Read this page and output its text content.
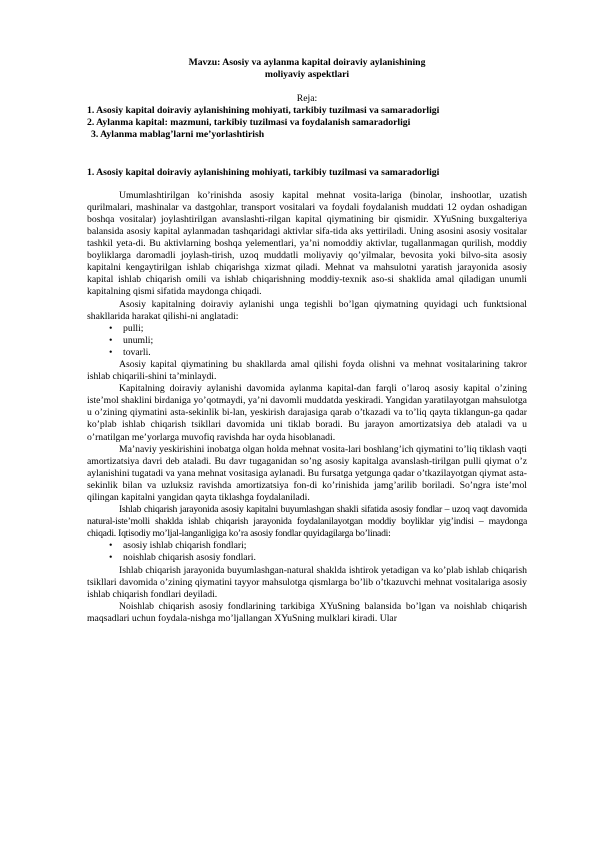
Mavzu: Asosiy va aylanma kapital doiraviy aylanishining
moliyaviy aspektlari
Reja:
1. Asosiy kapital doiraviy aylanishining mohiyati, tarkibiy tuzilmasi va samaradorligi
2. Aylanma kapital: mazmuni, tarkibiy tuzilmasi va foydalanish samaradorligi
3. Aylanma mablag’larni me’yorlashtirish
1. Asosiy kapital doiraviy aylanishining mohiyati, tarkibiy tuzilmasi va samaradorligi

Umumlashtirilgan ko’rinishda asosiy kapital mehnat vosita-lariga (binolar, inshootlar, uzatish qurilmalari, mashinalar va dastgohlar, transport vositalari va foydali foydalanish muddati 12 oydan oshadigan boshqa vositalar) joylashtirilgan avanslashti-rilgan kapital qiymatining bir qismidir. XYuSning buxgalteriya balansida asosiy kapital aylanmadan tashqaridagi aktivlar sifa-tida aks yettiriladi. Uning asosini asosiy vositalar tashkil yeta-di. Bu aktivlarning boshqa yelementlari, ya’ni nomoddiy aktivlar, tugallanmagan qurilish, moddiy boyliklarga daromadli joylash-tirish, uzoq muddatli moliyaviy qo’yilmalar, bevosita yoki bilvo-sita asosiy kapitalni kengaytirilgan ishlab chiqarishga xizmat qiladi. Mehnat va mahsulotni yaratish jarayonida asosiy kapital ishlab chiqarish omili va ishlab chiqarishning moddiy-texnik aso-si shaklida amal qiladigan unumli kapitalning qismi sifatida maydonga chiqadi.

Asosiy kapitalning doiraviy aylanishi unga tegishli bo’lgan qiymatning quyidagi uch funktsional shakllarida harakat qilishi-ni anglatadi:

• pulli;
• unumli;
• tovarli.

Asosiy kapital qiymatining bu shakllarda amal qilishi foyda olishni va mehnat vositalarining takror ishlab chiqarili-shini ta’minlaydi.

Kapitalning doiraviy aylanishi davomida aylanma kapital-dan farqli o’laroq asosiy kapital o’zining iste’mol shaklini birdaniga yo’qotmaydi, ya’ni davomli muddatda yeskiradi. Yangidan yaratilayotgan mahsulotga u o’zining qiymatini asta-sekinlik bi-lan, yeskirish darajasiga qarab o’tkazadi va to’liq qayta tiklangun-ga qadar ko’plab ishlab chiqarish tsikllari davomida uni tiklab boradi. Bu jarayon amortizatsiya deb ataladi va u o’rnatilgan me’yorlarga muvofiq ravishda har oyda hisoblanadi.

Ma’naviy yeskirishini inobatga olgan holda mehnat vosita-lari boshlang’ich qiymatini to’liq tiklash vaqti amortizatsiya davri deb ataladi. Bu davr tugaganidan so’ng asosiy kapitalga avanslash-tirilgan pulli qiymat o’z aylanishini tugatadi va yana mehnat vositasiga aylanadi. Bu fursatga yetgunga qadar o’tkazilayotgan qiymat asta-sekinlik bilan va uzluksiz ravishda amortizatsiya fon-di ko’rinishida jamg’arilib boriladi. So’ngra iste’mol qilingan kapitalni yangidan qayta tiklashga foydalaniladi.

Ishlab chiqarish jarayonida asosiy kapitalni buyumlashgan shakli sifatida asosiy fondlar – uzoq vaqt davomida natural-iste’molli shaklda ishlab chiqarish jarayonida foydalanilayotgan moddiy boyliklar yig’indisi – maydonga chiqadi. Iqtisodiy mo’ljal-langanligiga ko’ra asosiy fondlar quyidagilarga bo’linadi:

• asosiy ishlab chiqarish fondlari;
• noishlab chiqarish asosiy fondlari.

Ishlab chiqarish jarayonida buyumlashgan-natural shaklda ishtirok yetadigan va ko’plab ishlab chiqarish tsikllari davomida o’zining qiymatini tayyor mahsulotga qismlarga bo’lib o’tkazuvchi mehnat vositalariga asosiy ishlab chiqarish fondlari deyiladi.

Noishlab chiqarish asosiy fondlarining tarkibiga XYuSning balansida bo’lgan va noishlab chiqarish maqsadlari uchun foydala-nishga mo’ljallangan XYuSning mulklari kiradi. Ular
